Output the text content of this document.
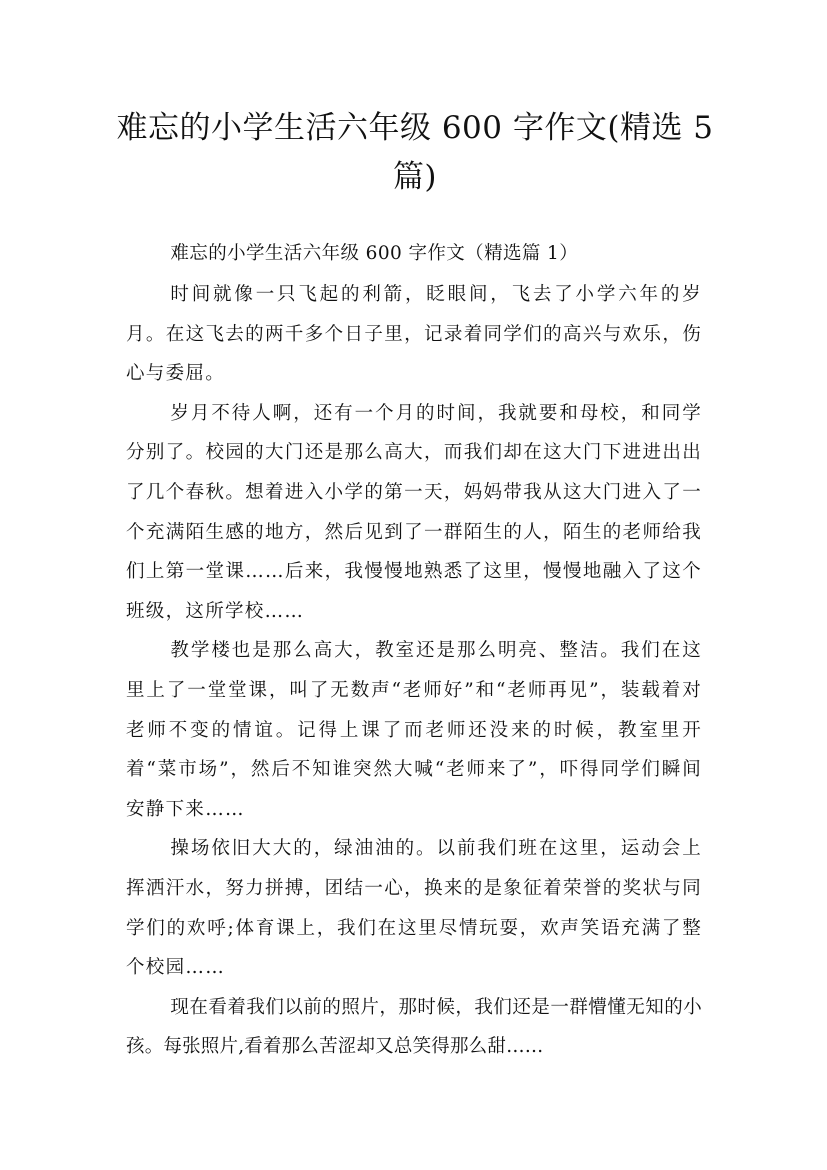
难忘的小学生活六年级 600 字作文(精选 5 篇)

难忘的小学生活六年级 600 字作文（精选篇 1）

时间就像一只飞起的利箭，眨眼间，飞去了小学六年的岁月。在这飞去的两千多个日子里，记录着同学们的高兴与欢乐，伤心与委屈。

岁月不待人啊，还有一个月的时间，我就要和母校，和同学分别了。校园的大门还是那么高大，而我们却在这大门下进进出出了几个春秋。想着进入小学的第一天，妈妈带我从这大门进入了一个充满陌生感的地方，然后见到了一群陌生的人，陌生的老师给我们上第一堂课……后来，我慢慢地熟悉了这里，慢慢地融入了这个班级，这所学校……

教学楼也是那么高大，教室还是那么明亮、整洁。我们在这里上了一堂堂课，叫了无数声“老师好”和“老师再见”，装载着对老师不变的情谊。记得上课了而老师还没来的时候，教室里开着“菜市场”，然后不知谁突然大喊“老师来了”，吓得同学们瞬间安静下来……

操场依旧大大的，绿油油的。以前我们班在这里，运动会上挥洒汗水，努力拼搏，团结一心，换来的是象征着荣誉的奖状与同学们的欢呼;体育课上，我们在这里尽情玩耍，欢声笑语充满了整个校园……

现在看着我们以前的照片，那时候，我们还是一群懵懂无知的小孩。每张照片,看着那么苦涩却又总笑得那么甜……
